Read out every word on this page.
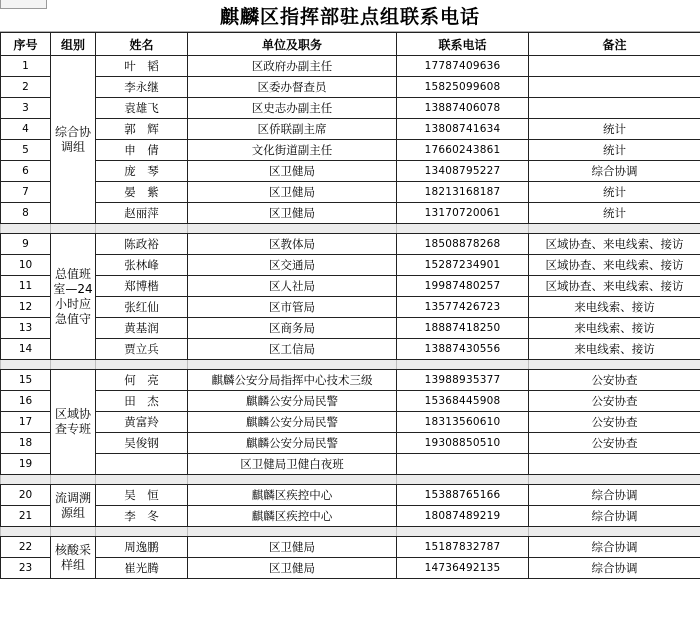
麒麟区指挥部驻点组联系电话
序号	组别	姓名	单位及职务	联系电话	备注
1	综合协调组	叶　韬	区政府办副主任	17787409636	
2		李永继	区委办督查员	15825099608	
3		袁雄飞	区史志办副主任	13887406078	
4		郭　辉	区侨联副主席	13808741634	统计
5		申　倩	文化街道副主任	17660243861	统计
6		庞　琴	区卫健局	13408795227	综合协调
7		晏　紫	区卫健局	18213168187	统计
8		赵丽萍	区卫健局	13170720061	统计

9	总值班室—24小时应急值守	陈政裕	区教体局	18508878268	区域协查、来电线索、接访
10		张林峰	区交通局	15287234901	区域协查、来电线索、接访
11		郑博楷	区人社局	19987480257	区域协查、来电线索、接访
12		张红仙	区市管局	13577426723	来电线索、接访
13		黄基润	区商务局	18887418250	来电线索、接访
14		贾立兵	区工信局	13887430556	来电线索、接访

15	区域协查专班	何　亮	麒麟公安分局指挥中心技术三级	13988935377	公安协查
16		田　杰	麒麟公安分局民警	15368445908	公安协查
17		黄富羚	麒麟公安分局民警	18313560610	公安协查
18		吴俊钢	麒麟公安分局民警	19308850510	公安协查
19			区卫健局卫健白夜班		

20	流调溯源组	吴　恒	麒麟区疾控中心	15388765166	综合协调
21		李　冬	麒麟区疾控中心	18087489219	综合协调

22	核酸采样组	周逸鹏	区卫健局	15187832787	综合协调
23		崔光腾	区卫健局	14736492135	综合协调
